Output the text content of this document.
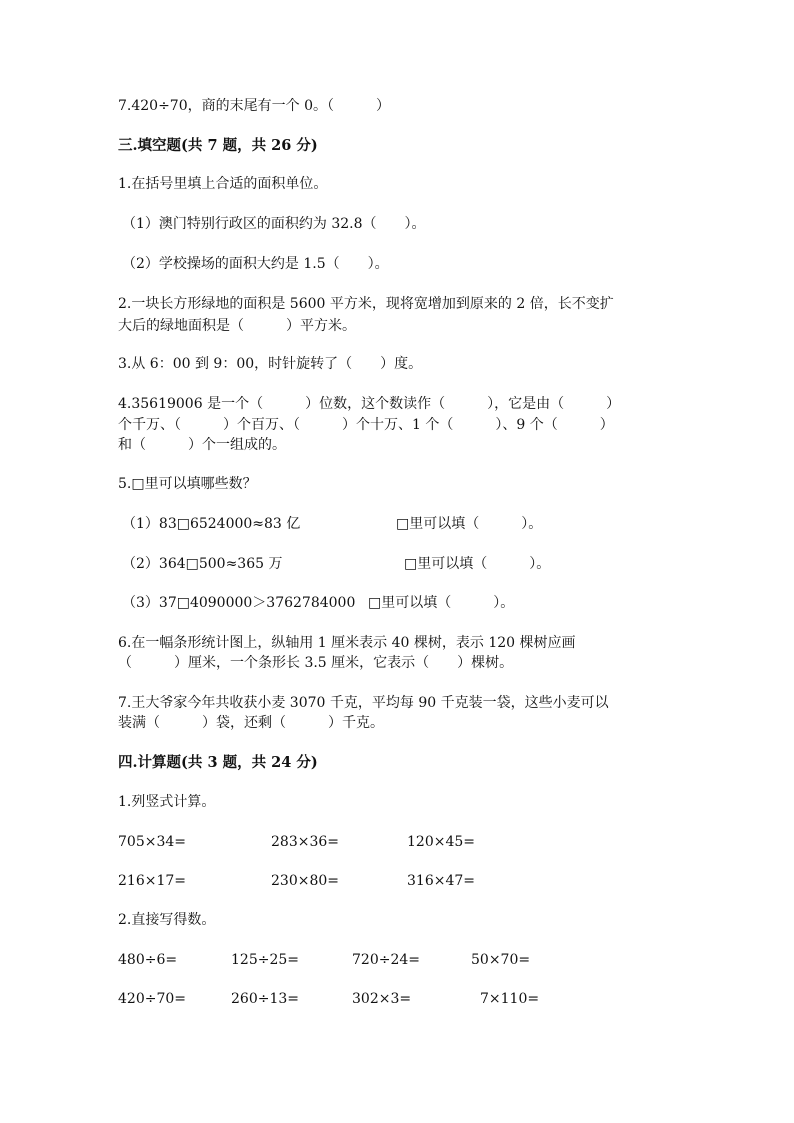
7.420÷70，商的末尾有一个 0。（　　　）
三.填空题(共 7 题，共 26 分)
1.在括号里填上合适的面积单位。
（1）澳门特别行政区的面积约为 32.8（　　）。
（2）学校操场的面积大约是 1.5（　　）。
2.一块长方形绿地的面积是 5600 平方米，现将宽增加到原来的 2 倍，长不变扩
大后的绿地面积是（　　　）平方米。
3.从 6：00 到 9：00，时针旋转了（　　）度。
4.35619006 是一个（　　　）位数，这个数读作（　　　），它是由（　　　）
个千万、（　　　）个百万、（　　　）个十万、1 个（　　　）、9 个（　　　）
和（　　　）个一组成的。
5.□里可以填哪些数？
（1）83□6524000≈83 亿	□里可以填（　　　）。
（2）364□500≈365 万	□里可以填（　　　）。
（3）37□4090000＞3762784000 □里可以填（　　　）。
6.在一幅条形统计图上，纵轴用 1 厘米表示 40 棵树，表示 120 棵树应画
（　　　）厘米，一个条形长 3.5 厘米，它表示（　　）棵树。
7.王大爷家今年共收获小麦 3070 千克，平均每 90 千克装一袋，这些小麦可以
装满（　　　）袋，还剩（　　　）千克。
四.计算题(共 3 题，共 24 分)
1.列竖式计算。
705×34=	283×36=	120×45=
216×17=	230×80=	316×47=
2.直接写得数。
480÷6=	125÷25=	720÷24=	50×70=
420÷70=	260÷13=	302×3=	7×110=
